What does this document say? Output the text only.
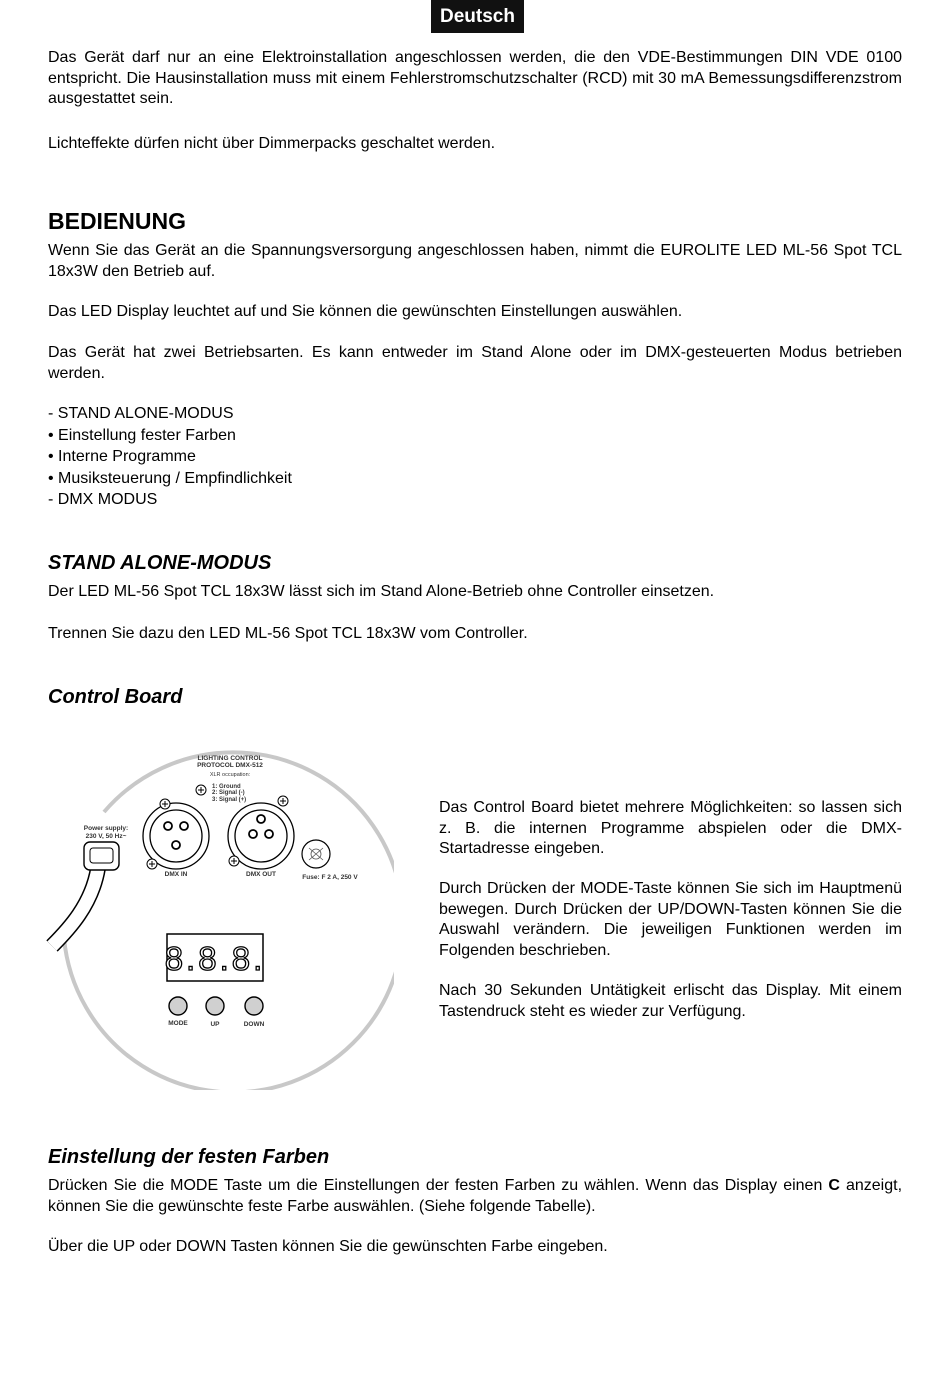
Deutsch

Das Gerät darf nur an eine Elektroinstallation angeschlossen werden, die den VDE-Bestimmungen DIN VDE 0100 entspricht. Die Hausinstallation muss mit einem Fehlerstromschutzschalter (RCD) mit 30 mA Bemessungsdifferenzstrom ausgestattet sein.

Lichteffekte dürfen nicht über Dimmerpacks geschaltet werden.

BEDIENUNG

Wenn Sie das Gerät an die Spannungsversorgung angeschlossen haben, nimmt die EUROLITE LED ML-56 Spot TCL 18x3W den Betrieb auf.

Das LED Display leuchtet auf und Sie können die gewünschten Einstellungen auswählen.

Das Gerät hat zwei Betriebsarten. Es kann entweder im Stand Alone oder im DMX-gesteuerten Modus betrieben werden.

- STAND ALONE-MODUS
• Einstellung fester Farben
• Interne Programme
• Musiksteuerung / Empfindlichkeit
- DMX MODUS
STAND ALONE-MODUS

Der LED ML-56 Spot TCL 18x3W lässt sich im Stand Alone-Betrieb ohne Controller einsetzen.

Trennen Sie dazu den LED ML-56 Spot TCL 18x3W vom Controller.

Control Board
LIGHTING CONTROL
PROTOCOL DMX-512
XLR occupation:
1: Ground
2: Signal (-)
3: Signal (+)
DMX IN	DMX OUT	Fuse: F 2 A, 250 V
Power supply:
230 V, 50 Hz~
8.8.8.
MODE	UP	DOWN

Das Control Board bietet mehrere Möglichkeiten: so lassen sich z. B. die internen Programme abspielen oder die DMX-Startadresse eingeben.

Durch Drücken der MODE-Taste können Sie sich im Hauptmenü bewegen. Durch Drücken der UP/DOWN-Tasten können Sie die Auswahl verändern. Die jeweiligen Funktionen werden im Folgenden beschrieben.

Nach 30 Sekunden Untätigkeit erlischt das Display. Mit einem Tastendruck steht es wieder zur Verfügung.

Einstellung der festen Farben

Drücken Sie die MODE Taste um die Einstellungen der festen Farben zu wählen. Wenn das Display einen C anzeigt, können Sie die gewünschte feste Farbe auswählen. (Siehe folgende Tabelle).

Über die UP oder DOWN Tasten können Sie die gewünschten Farbe eingeben.
